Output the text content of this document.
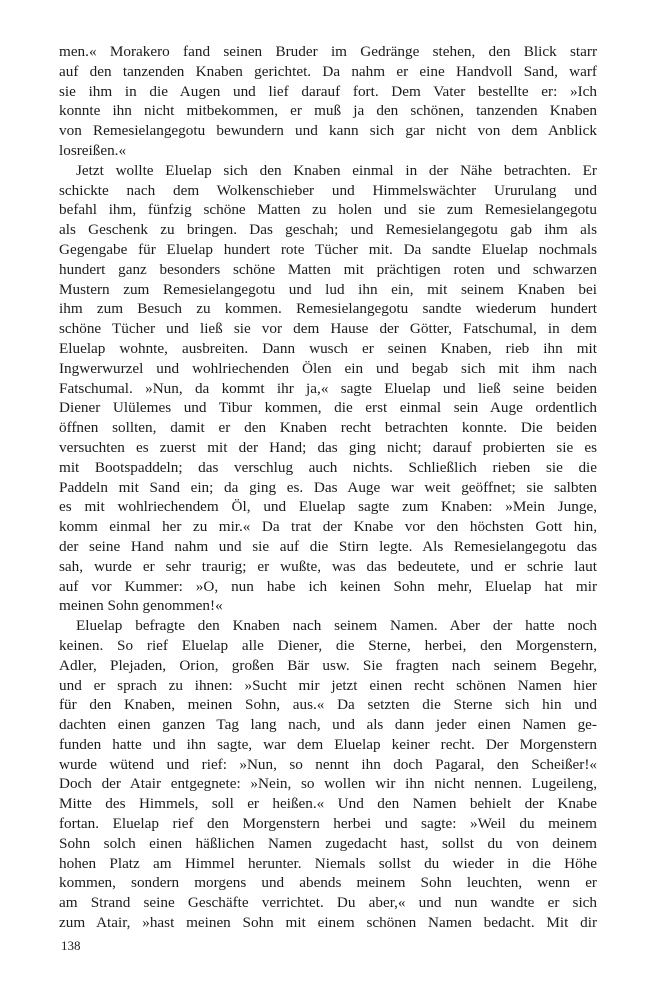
men.« Morakero fand seinen Bruder im Gedränge stehen, den Blick starr
auf den tanzenden Knaben gerichtet. Da nahm er eine Handvoll Sand, warf
sie ihm in die Augen und lief darauf fort. Dem Vater bestellte er: »Ich
konnte ihn nicht mitbekommen, er muß ja den schönen, tanzenden Knaben
von Remesielangegotu bewundern und kann sich gar nicht von dem Anblick
losreißen.«
Jetzt wollte Eluelap sich den Knaben einmal in der Nähe betrachten. Er
schickte nach dem Wolkenschieber und Himmelswächter Ururulang und
befahl ihm, fünfzig schöne Matten zu holen und sie zum Remesielangegotu
als Geschenk zu bringen. Das geschah; und Remesielangegotu gab ihm als
Gegengabe für Eluelap hundert rote Tücher mit. Da sandte Eluelap nochmals
hundert ganz besonders schöne Matten mit prächtigen roten und schwarzen
Mustern zum Remesielangegotu und lud ihn ein, mit seinem Knaben bei
ihm zum Besuch zu kommen. Remesielangegotu sandte wiederum hundert
schöne Tücher und ließ sie vor dem Hause der Götter, Fatschumal, in dem
Eluelap wohnte, ausbreiten. Dann wusch er seinen Knaben, rieb ihn mit
Ingwerwurzel und wohlriechenden Ölen ein und begab sich mit ihm nach
Fatschumal. »Nun, da kommt ihr ja,« sagte Eluelap und ließ seine beiden
Diener Ulülemes und Tibur kommen, die erst einmal sein Auge ordentlich
öffnen sollten, damit er den Knaben recht betrachten konnte. Die beiden
versuchten es zuerst mit der Hand; das ging nicht; darauf probierten sie es
mit Bootspaddeln; das verschlug auch nichts. Schließlich rieben sie die
Paddeln mit Sand ein; da ging es. Das Auge war weit geöffnet; sie salbten
es mit wohlriechendem Öl, und Eluelap sagte zum Knaben: »Mein Junge,
komm einmal her zu mir.« Da trat der Knabe vor den höchsten Gott hin,
der seine Hand nahm und sie auf die Stirn legte. Als Remesielangegotu das
sah, wurde er sehr traurig; er wußte, was das bedeutete, und er schrie laut
auf vor Kummer: »O, nun habe ich keinen Sohn mehr, Eluelap hat mir
meinen Sohn genommen!«
Eluelap befragte den Knaben nach seinem Namen. Aber der hatte noch
keinen. So rief Eluelap alle Diener, die Sterne, herbei, den Morgenstern,
Adler, Plejaden, Orion, großen Bär usw. Sie fragten nach seinem Begehr,
und er sprach zu ihnen: »Sucht mir jetzt einen recht schönen Namen hier
für den Knaben, meinen Sohn, aus.« Da setzten die Sterne sich hin und
dachten einen ganzen Tag lang nach, und als dann jeder einen Namen ge-
funden hatte und ihn sagte, war dem Eluelap keiner recht. Der Morgenstern
wurde wütend und rief: »Nun, so nennt ihn doch Pagaral, den Scheißer!«
Doch der Atair entgegnete: »Nein, so wollen wir ihn nicht nennen. Lugeileng,
Mitte des Himmels, soll er heißen.« Und den Namen behielt der Knabe
fortan. Eluelap rief den Morgenstern herbei und sagte: »Weil du meinem
Sohn solch einen häßlichen Namen zugedacht hast, sollst du von deinem
hohen Platz am Himmel herunter. Niemals sollst du wieder in die Höhe
kommen, sondern morgens und abends meinem Sohn leuchten, wenn er
am Strand seine Geschäfte verrichtet. Du aber,« und nun wandte er sich
zum Atair, »hast meinen Sohn mit einem schönen Namen bedacht. Mit dir
138
